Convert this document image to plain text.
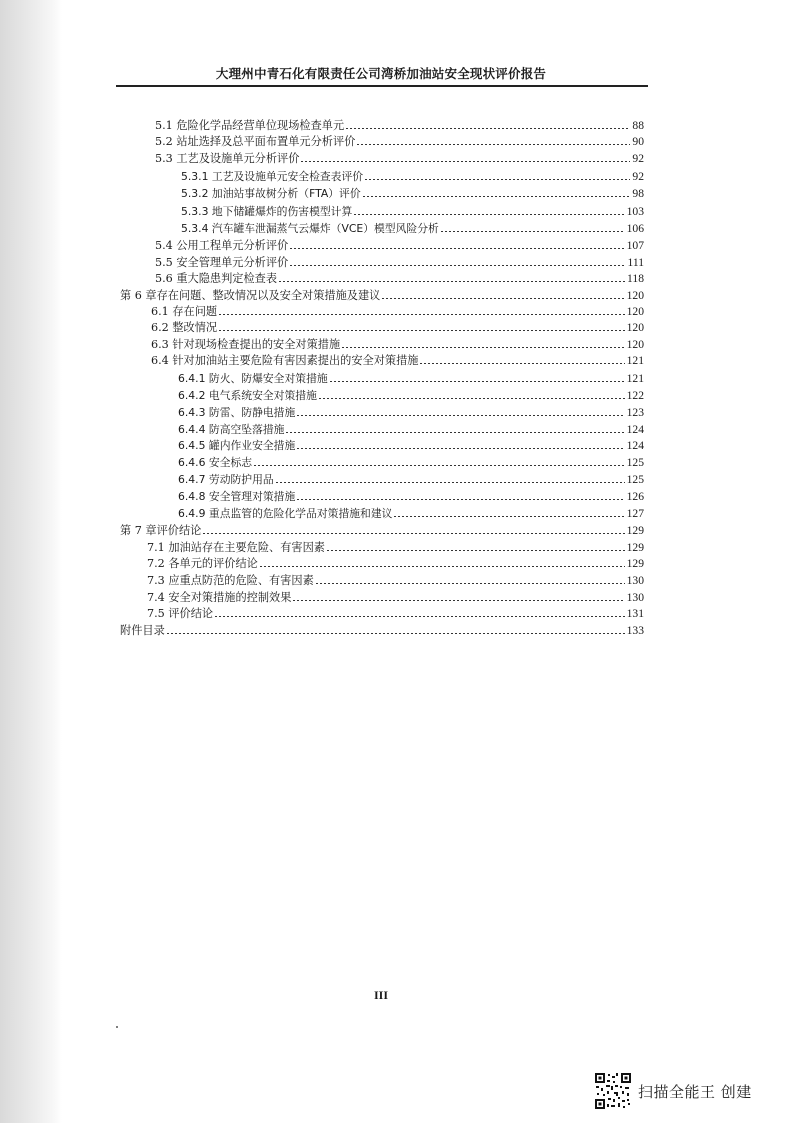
大理州中青石化有限责任公司湾桥加油站安全现状评价报告
5.1 危险化学品经营单位现场检查单元	88
5.2 站址选择及总平面布置单元分析评价	90
5.3 工艺及设施单元分析评价	92
5.3.1 工艺及设施单元安全检查表评价	92
5.3.2 加油站事故树分析（FTA）评价	98
5.3.3 地下储罐爆炸的伤害模型计算	103
5.3.4 汽车罐车泄漏蒸气云爆炸（VCE）模型风险分析	106
5.4 公用工程单元分析评价	107
5.5 安全管理单元分析评价	111
5.6 重大隐患判定检查表	118
第 6 章存在问题、整改情况以及安全对策措施及建议	120
6.1 存在问题	120
6.2 整改情况	120
6.3 针对现场检查提出的安全对策措施	120
6.4 针对加油站主要危险有害因素提出的安全对策措施	121
6.4.1 防火、防爆安全对策措施	121
6.4.2 电气系统安全对策措施	122
6.4.3 防雷、防静电措施	123
6.4.4 防高空坠落措施	124
6.4.5 罐内作业安全措施	124
6.4.6 安全标志	125
6.4.7 劳动防护用品	125
6.4.8 安全管理对策措施	126
6.4.9 重点监管的危险化学品对策措施和建议	127
第 7 章评价结论	129
7.1 加油站存在主要危险、有害因素	129
7.2 各单元的评价结论	129
7.3 应重点防范的危险、有害因素	130
7.4 安全对策措施的控制效果	130
7.5 评价结论	131
附件目录	133
III
扫描全能王 创建
